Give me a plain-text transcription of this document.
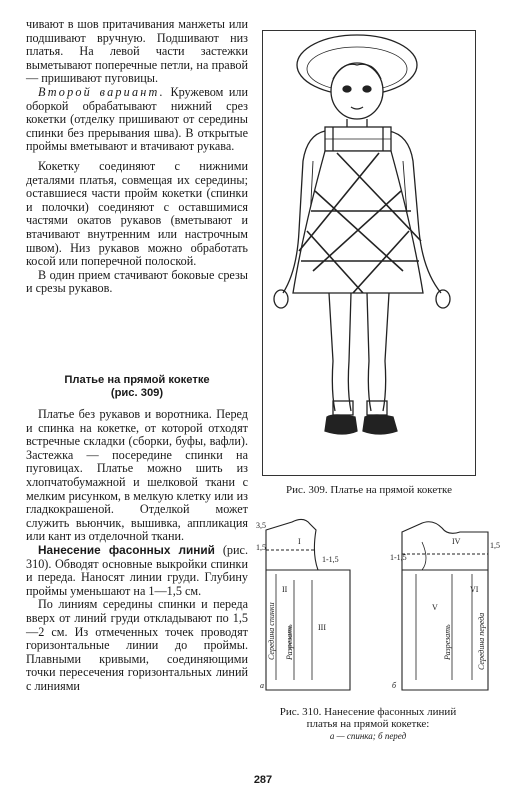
чивают в шов притачивания манжеты или подшивают вручную. Подшивают низ платья. На левой части застежки выметывают поперечные петли, на правой — пришивают пуговицы.

Второй вариант. Кружевом или оборкой обрабатывают нижний срез кокетки (отделку пришивают от середины спинки без прерывания шва). В открытые проймы вметывают и втачивают рукава.

Кокетку соединяют с нижними деталями платья, совмещая их середины; оставшиеся части пройм кокетки (спинки и полочки) соединяют с оставшимися частями окатов рукавов (вметывают и втачивают внутренним или настрочным швом). Низ рукавов можно обработать косой или поперечной полоской.

В один прием стачивают боковые срезы и срезы рукавов.

Платье на прямой кокетке

(рис. 309)

Платье без рукавов и воротника. Перед и спинка на кокетке, от которой отходят встречные складки (сборки, буфы, вафли). Застежка — посередине спинки на пуговицах. Платье можно шить из хлопчатобумажной и шелковой ткани с мелким рисунком, в мелкую клетку или из гладкокрашеной. Отделкой может служить вьюнчик, вышивка, аппликация или кант из отделочной ткани.

Нанесение фасонных линий (рис. 310). Обводят основные выкройки спинки и переда. Наносят линии груди. Глубину проймы уменьшают на 1—1,5 см.

По линиям середины спинки и переда вверх от линий груди откладывают по 1,5—2 см. Из отмеченных точек проводят горизонтальные линии до проймы. Плавными кривыми, соединяющими точки пересечения горизонтальных линий с линиями

Рис. 309. Платье на прямой кокетке
3,5
1,5
1-1,5	1-1,5
1,5
I
II
III
IV
V
VI
а	б
Середина спинки Разрезать	Середина переда
Разрезать
Рис. 310. Нанесение фасонных линий платья на прямой кокетке:
а — спинка; б перед
287
